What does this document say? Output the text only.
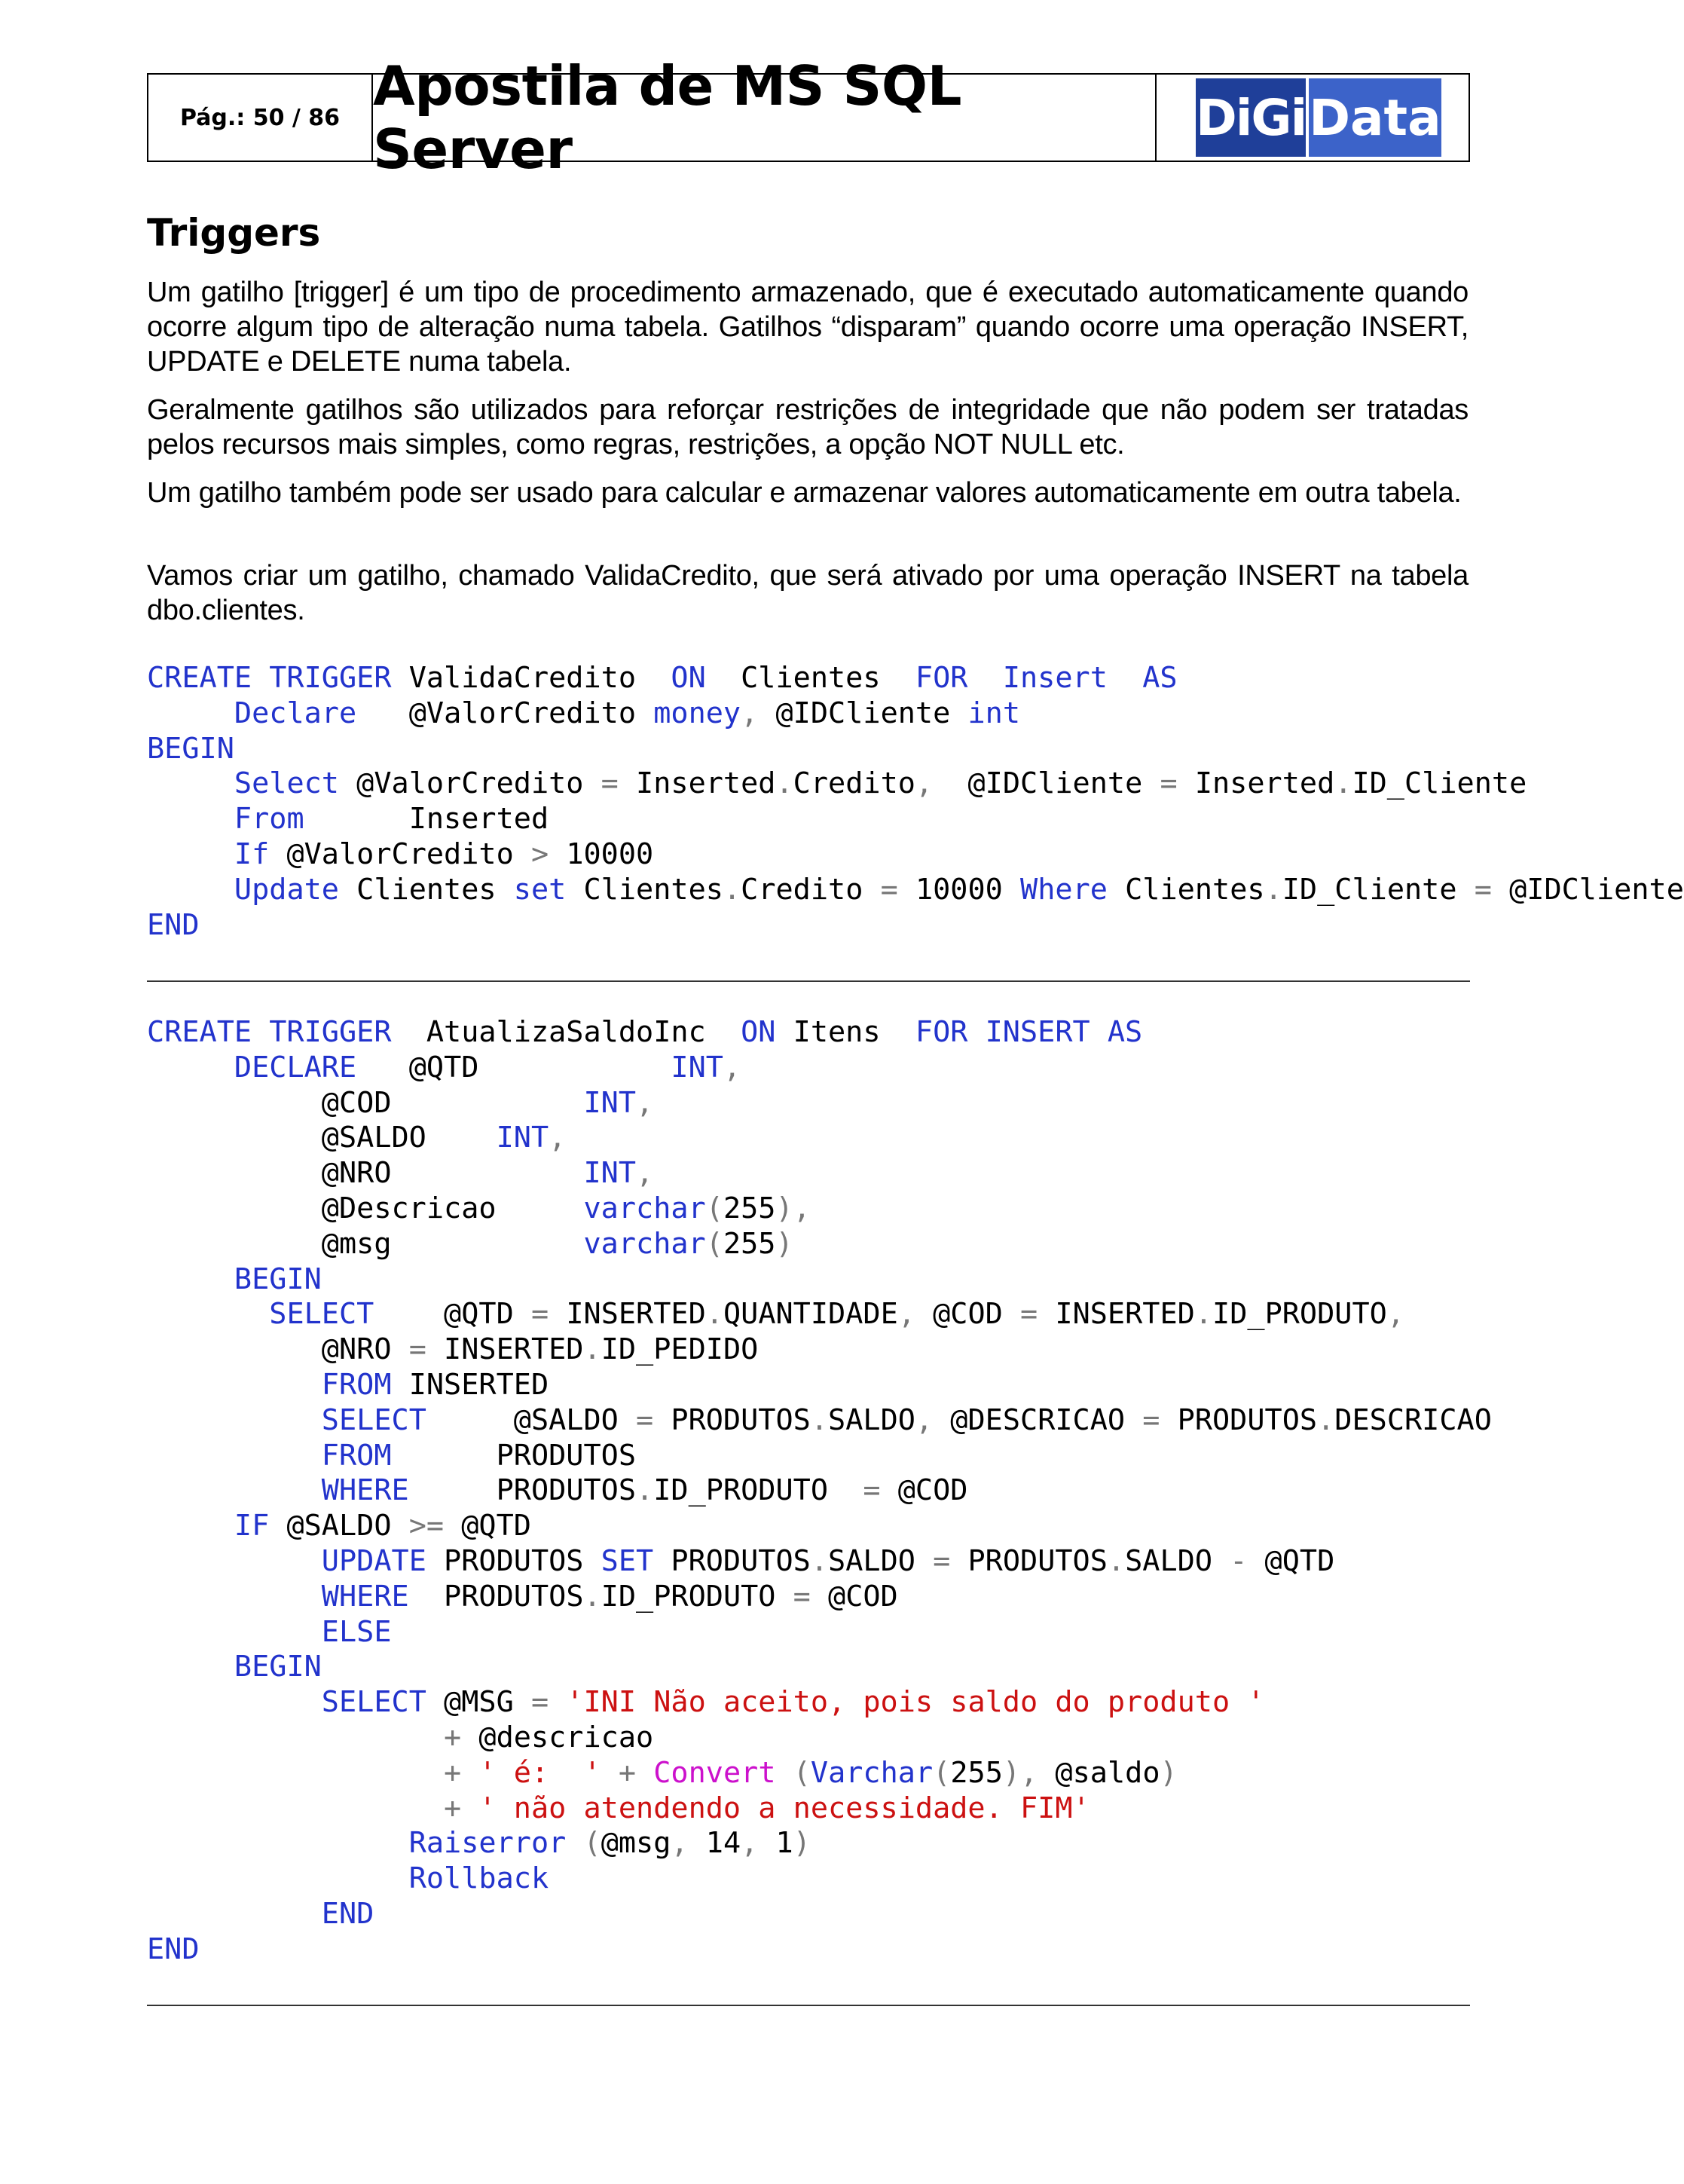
Pág.: 50 / 86 Apostila de MS SQL Server	DiGi Data
Triggers

Um gatilho [trigger] é um tipo de procedimento armazenado, que é executado automaticamente quando ocorre algum tipo de alteração numa tabela. Gatilhos “disparam” quando ocorre uma operação INSERT, UPDATE e DELETE numa tabela.

Geralmente gatilhos são utilizados para reforçar restrições de integridade que não podem ser tratadas pelos recursos mais simples, como regras, restrições, a opção NOT NULL etc.

Um gatilho também pode ser usado para calcular e armazenar valores automaticamente em outra tabela.

Vamos criar um gatilho, chamado ValidaCredito, que será ativado por uma operação INSERT na tabela dbo.clientes.

CREATE TRIGGER ValidaCredito  ON  Clientes  FOR Insert AS
Declare   @ValorCredito money, @IDCliente int
BEGIN
Select @ValorCredito = Inserted.Credito,  @IDCliente = Inserted.ID_Cliente
From      Inserted
If @ValorCredito > 10000
Update Clientes set Clientes.Credito = 10000 Where Clientes.ID_Cliente = @IDCliente
END
CREATE TRIGGER  AtualizaSaldoInc  ON Itens  FOR INSERT AS
DECLARE   @QTD           INT,
@COD           INT,
@SALDO    INT,
@NRO           INT,
@Descricao     varchar(255),
@msg           varchar(255)
BEGIN
SELECT    @QTD = INSERTED.QUANTIDADE, @COD = INSERTED.ID_PRODUTO,
@NRO = INSERTED.ID_PEDIDO
FROM INSERTED
SELECT     @SALDO = PRODUTOS.SALDO, @DESCRICAO = PRODUTOS.DESCRICAO
FROM      PRODUTOS
WHERE     PRODUTOS.ID_PRODUTO  = @COD
IF @SALDO >= @QTD
UPDATE PRODUTOS SET PRODUTOS.SALDO = PRODUTOS.SALDO - @QTD
WHERE  PRODUTOS.ID_PRODUTO = @COD
ELSE
BEGIN
SELECT @MSG = 'INI Não aceito, pois saldo do produto '
+ @descricao
+ ' é:  ' + Convert (Varchar(255), @saldo)
+ ' não atendendo a necessidade. FIM'
Raiserror (@msg, 14, 1)
Rollback
END
END
